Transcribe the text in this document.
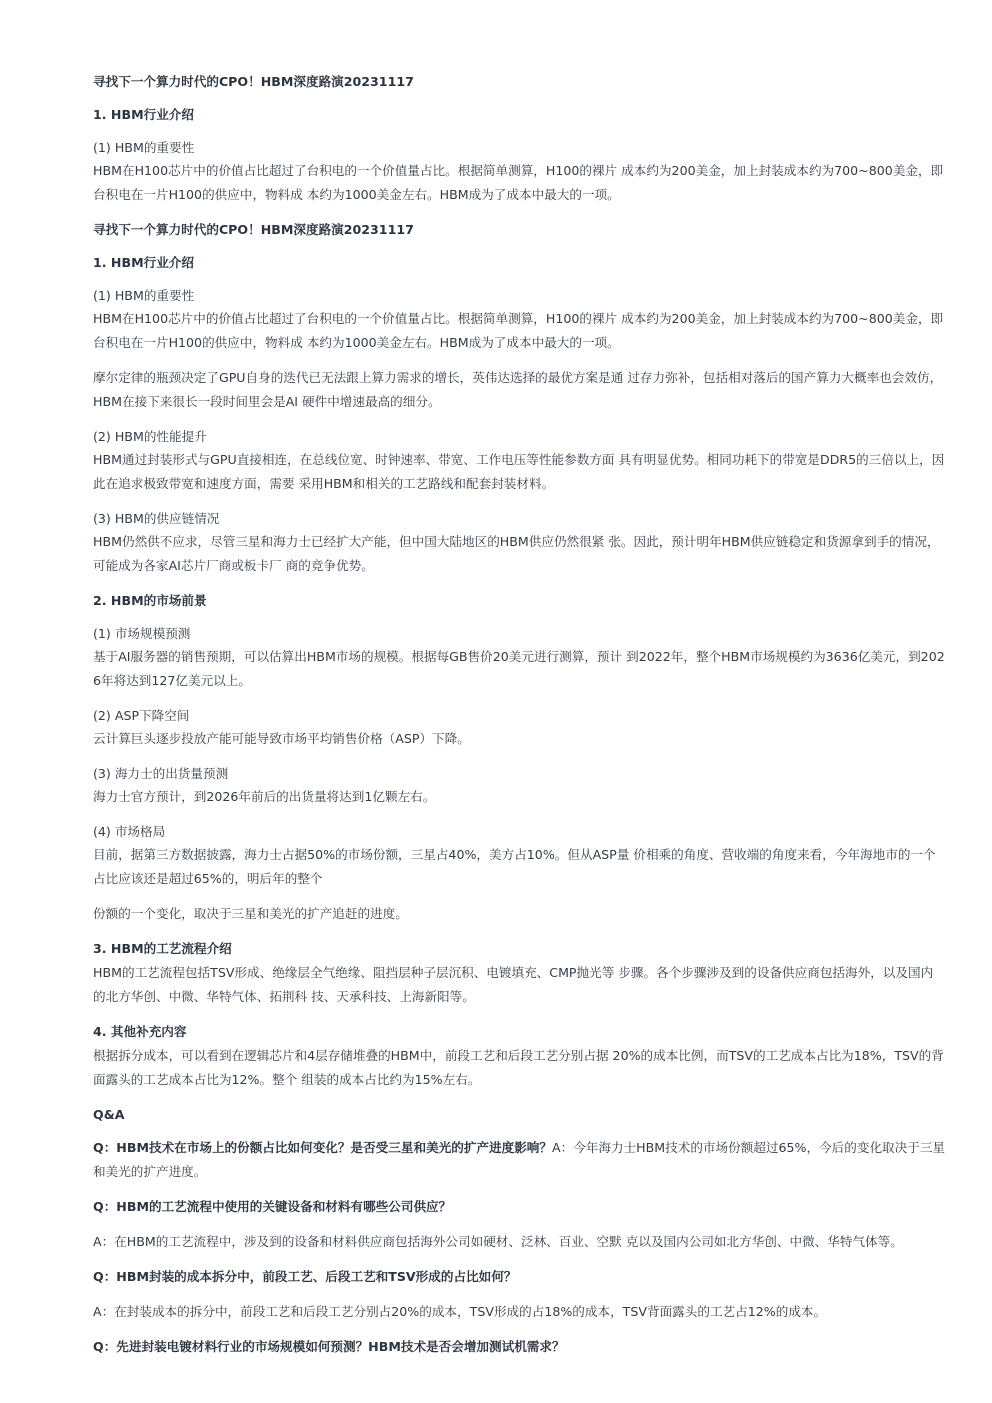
寻找下一个算力时代的CPO！HBM深度路演20231117

1. HBM行业介绍

(1) HBM的重要性

HBM在H100芯片中的价值占比超过了台积电的一个价值量占比。根据简单测算，H100的裸片 成本约为200美金，加上封装成本约为700~800美金，即台积电在一片H100的供应中，物料成 本约为1000美金左右。HBM成为了成本中最大的一项。

寻找下一个算力时代的CPO！HBM深度路演20231117

1. HBM行业介绍

(1) HBM的重要性

HBM在H100芯片中的价值占比超过了台积电的一个价值量占比。根据简单测算，H100的裸片 成本约为200美金，加上封装成本约为700~800美金，即台积电在一片H100的供应中，物料成 本约为1000美金左右。HBM成为了成本中最大的一项。

摩尔定律的瓶颈决定了GPU自身的迭代已无法跟上算力需求的增长，英伟达选择的最优方案是通 过存力弥补，包括相对落后的国产算力大概率也会效仿，HBM在接下来很长一段时间里会是AI 硬件中增速最高的细分。

(2) HBM的性能提升

HBM通过封装形式与GPU直接相连，在总线位宽、时钟速率、带宽、工作电压等性能参数方面 具有明显优势。相同功耗下的带宽是DDR5的三倍以上，因此在追求极致带宽和速度方面，需要 采用HBM和相关的工艺路线和配套封装材料。

(3) HBM的供应链情况

HBM仍然供不应求，尽管三星和海力士已经扩大产能，但中国大陆地区的HBM供应仍然很紧 张。因此，预计明年HBM供应链稳定和货源拿到手的情况，可能成为各家AI芯片厂商或板卡厂 商的竞争优势。

2. HBM的市场前景

(1) 市场规模预测

基于AI服务器的销售预期，可以估算出HBM市场的规模。根据每GB售价20美元进行测算，预计 到2022年，整个HBM市场规模约为3636亿美元，到2026年将达到127亿美元以上。

(2) ASP下降空间

云计算巨头逐步投放产能可能导致市场平均销售价格（ASP）下降。

(3) 海力士的出货量预测

海力士官方预计，到2026年前后的出货量将达到1亿颗左右。

(4) 市场格局

目前，据第三方数据披露，海力士占据50%的市场份额，三星占40%，美方占10%。但从ASP量 价相乘的角度、营收端的角度来看，今年海地市的一个占比应该还是超过65%的，明后年的整个

份额的一个变化，取决于三星和美光的扩产追赶的进度。

3. HBM的工艺流程介绍

HBM的工艺流程包括TSV形成、绝缘层全气绝缘、阻挡层种子层沉积、电镀填充、CMP抛光等 步骤。各个步骤涉及到的设备供应商包括海外，以及国内的北方华创、中微、华特气体、拓荆科 技、天承科技、上海新阳等。

4. 其他补充内容

根据拆分成本，可以看到在逻辑芯片和4层存储堆叠的HBM中，前段工艺和后段工艺分别占据 20%的成本比例，而TSV的工艺成本占比为18%，TSV的背面露头的工艺成本占比为12%。整个 组装的成本占比约为15%左右。

Q&A

Q：HBM技术在市场上的份额占比如何变化？是否受三星和美光的扩产进度影响？A：今年海力士HBM技术的市场份额超过65%，今后的变化取决于三星和美光的扩产进度。

Q：HBM的工艺流程中使用的关键设备和材料有哪些公司供应？

A：在HBM的工艺流程中，涉及到的设备和材料供应商包括海外公司如硬材、泛林、百业、空默 克以及国内公司如北方华创、中微、华特气体等。

Q：HBM封装的成本拆分中，前段工艺、后段工艺和TSV形成的占比如何？

A：在封装成本的拆分中，前段工艺和后段工艺分别占20%的成本，TSV形成的占18%的成本，TSV背面露头的工艺占12%的成本。

Q：先进封装电镀材料行业的市场规模如何预测？HBM技术是否会增加测试机需求？
